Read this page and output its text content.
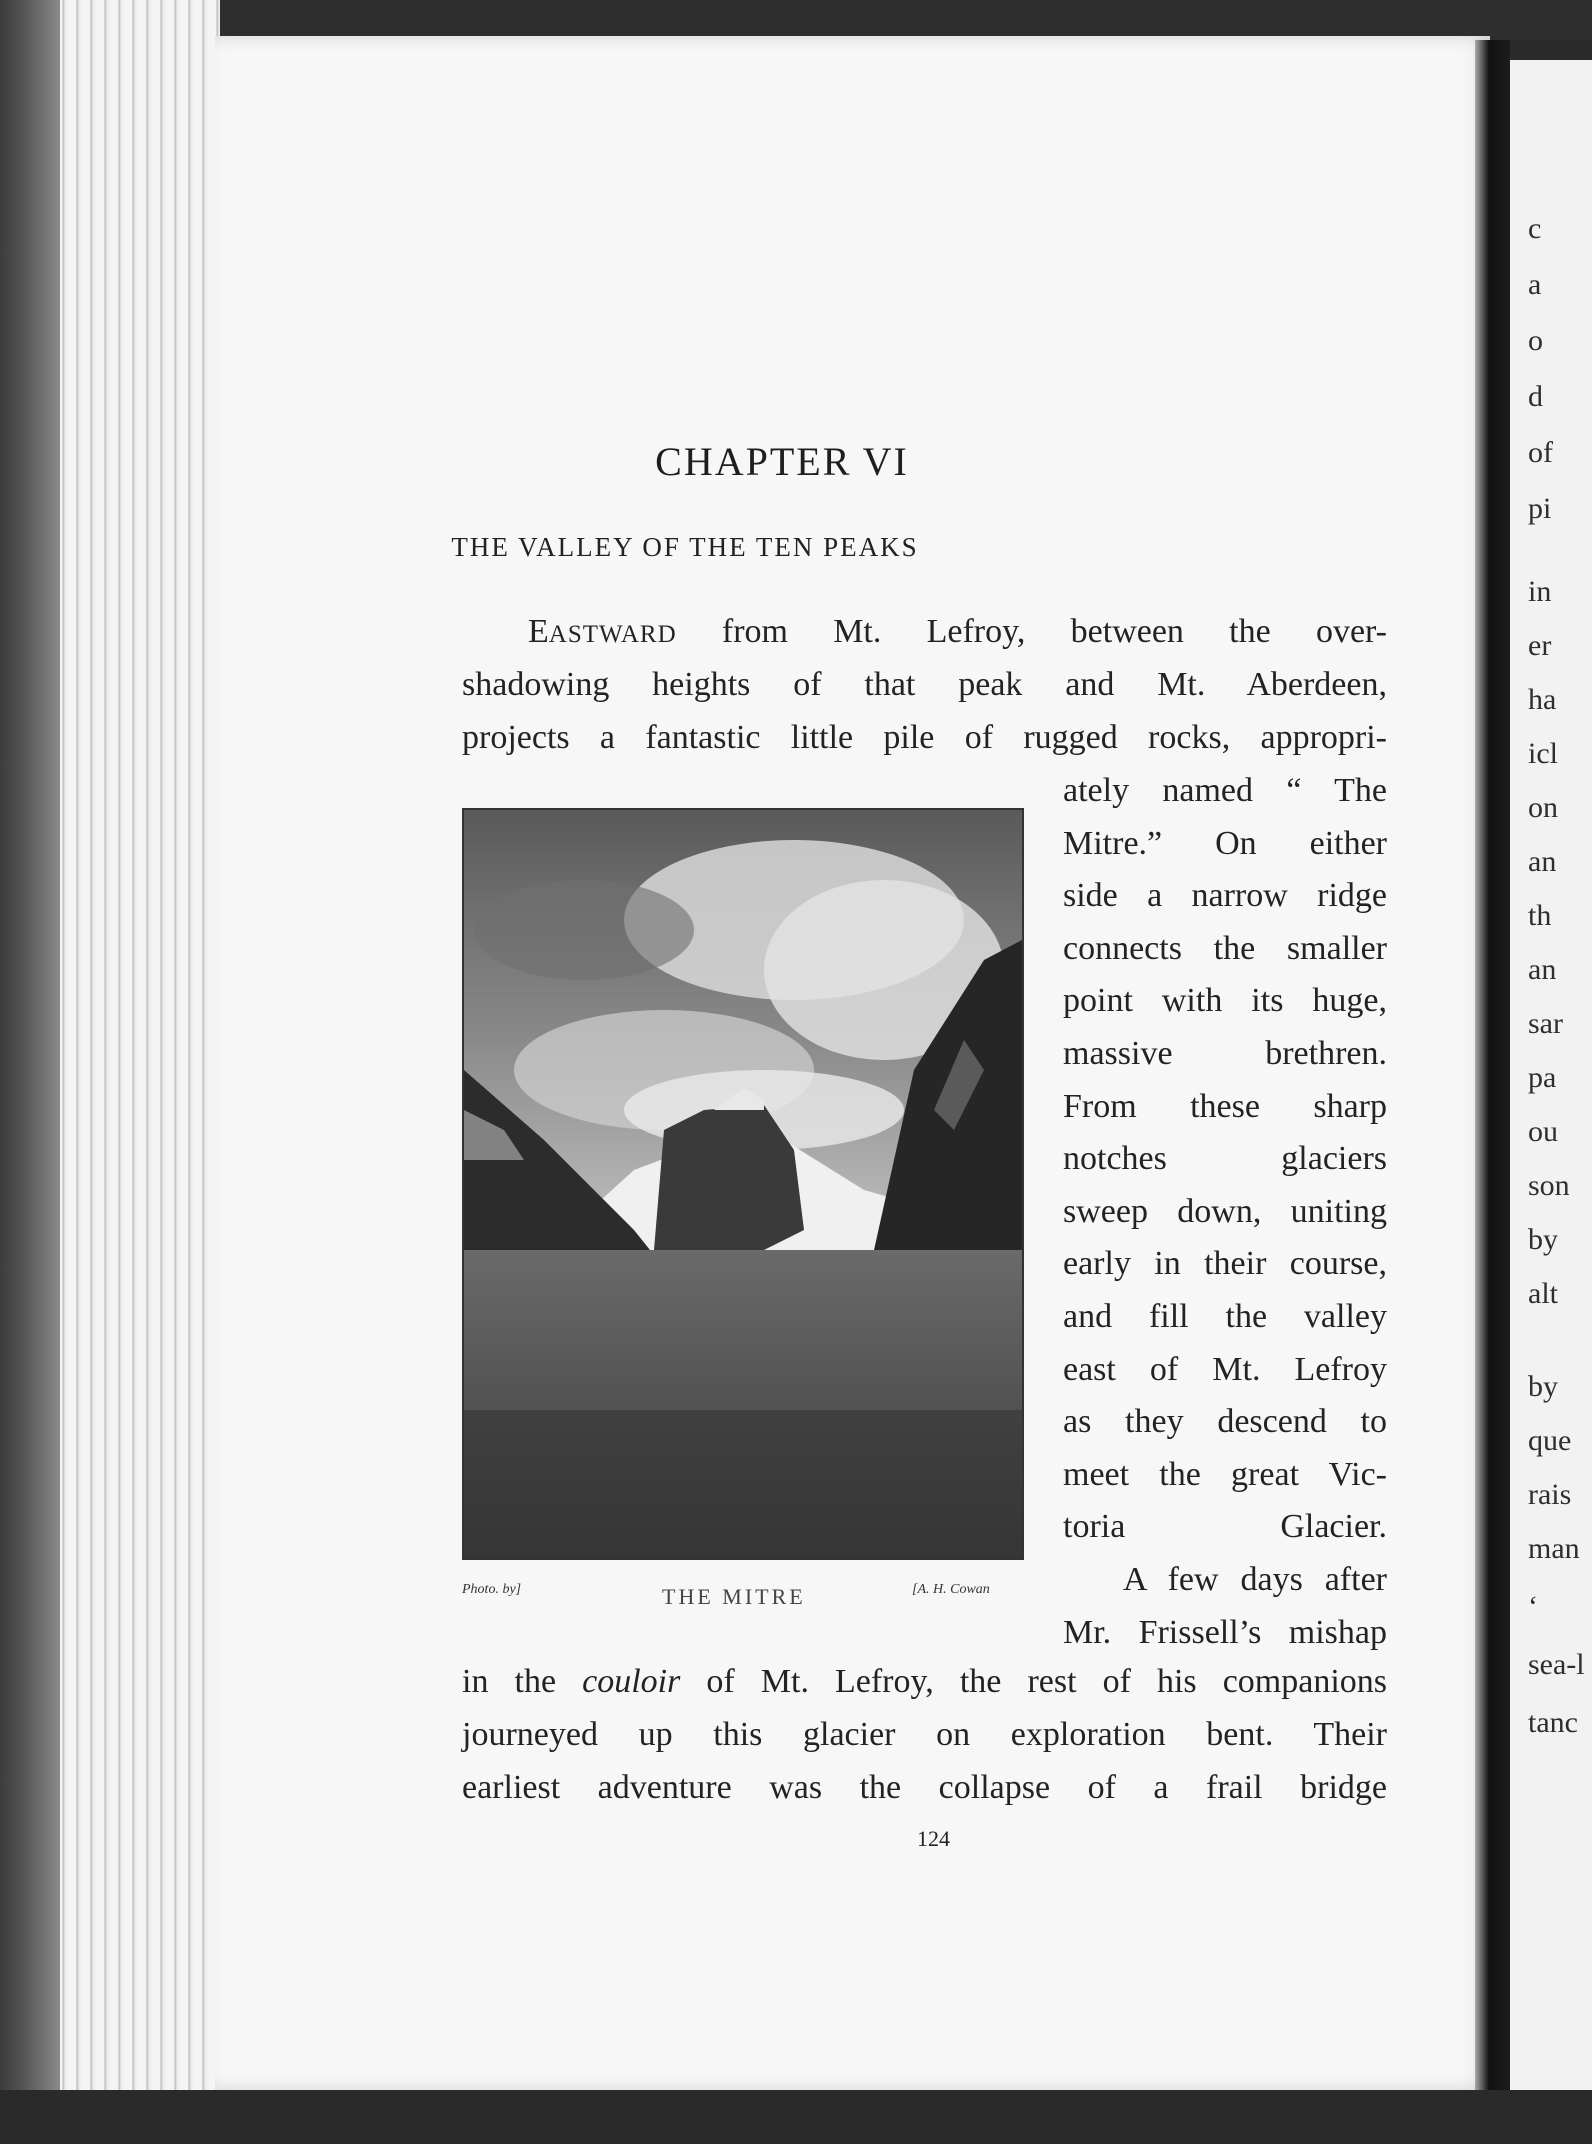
c
a
o
d
of
pi
in
er
ha
icl
on
an
th
an
sar
pa
ou
son
by
alt
by
que
rais
man
‘
sea-l
tanc
CHAPTER VI
THE VALLEY OF THE TEN PEAKS
EASTWARD from Mt. Lefroy, between the over-
shadowing heights of that peak and Mt. Aberdeen,
projects a fantastic little pile of rugged rocks, appropri-
ately named “ The
Mitre.” On either
side a narrow ridge
connects the smaller
point with its huge,
massive brethren.
From these sharp
notches glaciers
sweep down, uniting
early in their course,
and fill the valley
east of Mt. Lefroy
as they descend to
meet the great Vic-
toria Glacier.
A few days after
Mr. Frissell’s mishap
Photo. by]	THE MITRE	[A. H. Cowan
in the couloir of Mt. Lefroy, the rest of his companions
journeyed up this glacier on exploration bent. Their
earliest adventure was the collapse of a frail bridge
124
